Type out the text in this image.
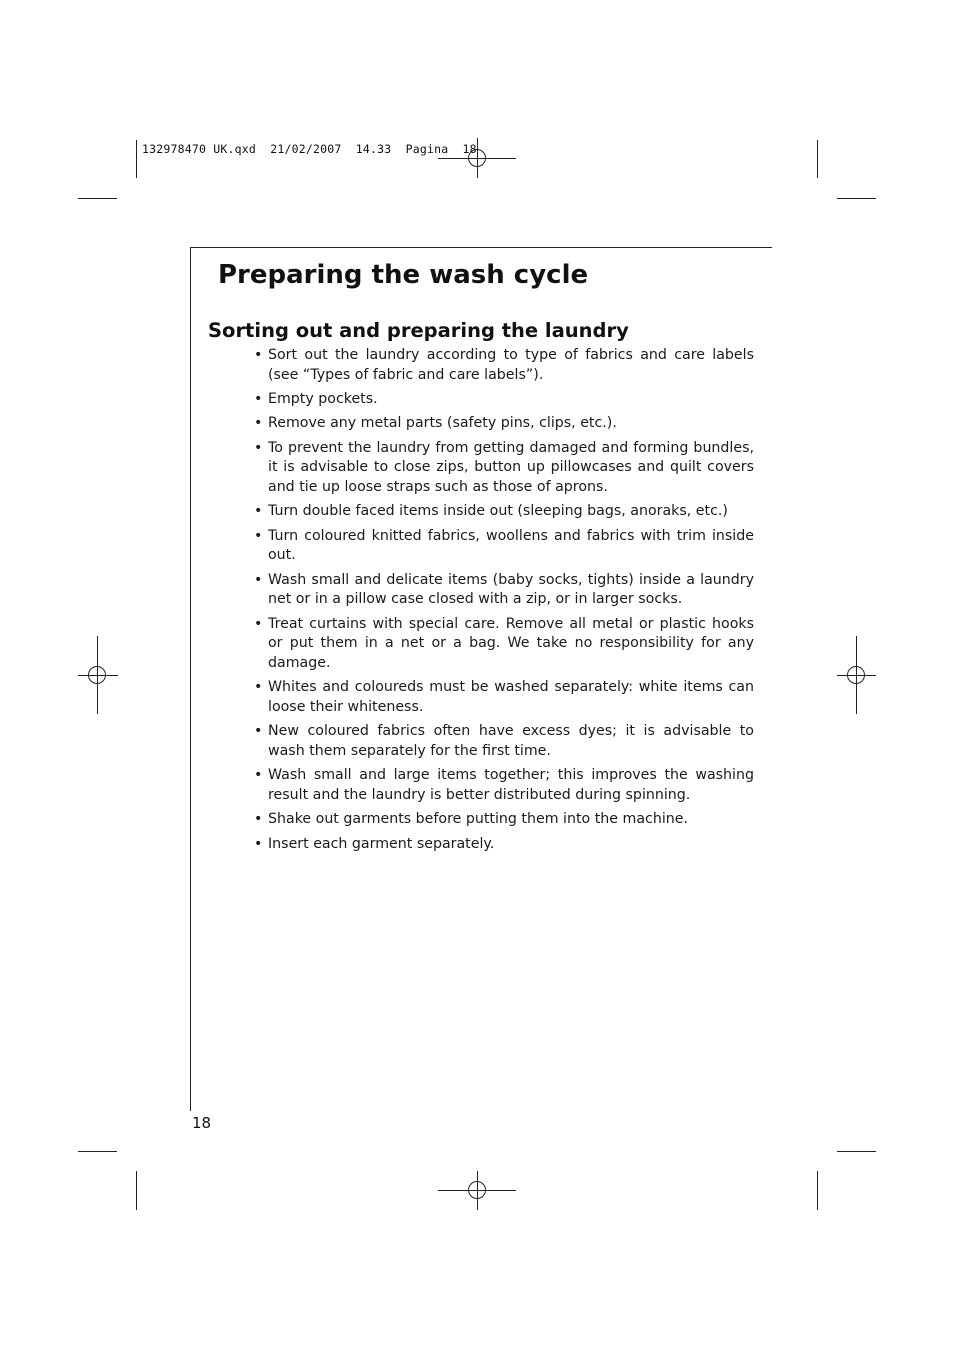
132978470 UK.qxd  21/02/2007  14.33  Pagina  18
Preparing the wash cycle
Sorting out and preparing the laundry
• Sort out the laundry according to type of fabrics and care labels (see “Types of fabric and care labels”).
• Empty pockets.
• Remove any metal parts (safety pins, clips, etc.).
• To prevent the laundry from getting damaged and forming bundles, it is advisable to close zips, button up pillowcases and quilt covers and tie up loose straps such as those of aprons.
• Turn double faced items inside out (sleeping bags, anoraks, etc.)
• Turn coloured knitted fabrics, woollens and fabrics with trim inside out.
• Wash small and delicate items (baby socks, tights) inside a laundry net or in a pillow case closed with a zip, or in larger socks.
• Treat curtains with special care. Remove all metal or plastic hooks or put them in a net or a bag. We take no responsibility for any damage.
• Whites and coloureds must be washed separately: white items can loose their whiteness.
• New coloured fabrics often have excess dyes; it is advisable to wash them separately for the first time.
• Wash small and large items together; this improves the washing result and the laundry is better distributed during spinning.
• Shake out garments before putting them into the machine.
• Insert each garment separately.
18
